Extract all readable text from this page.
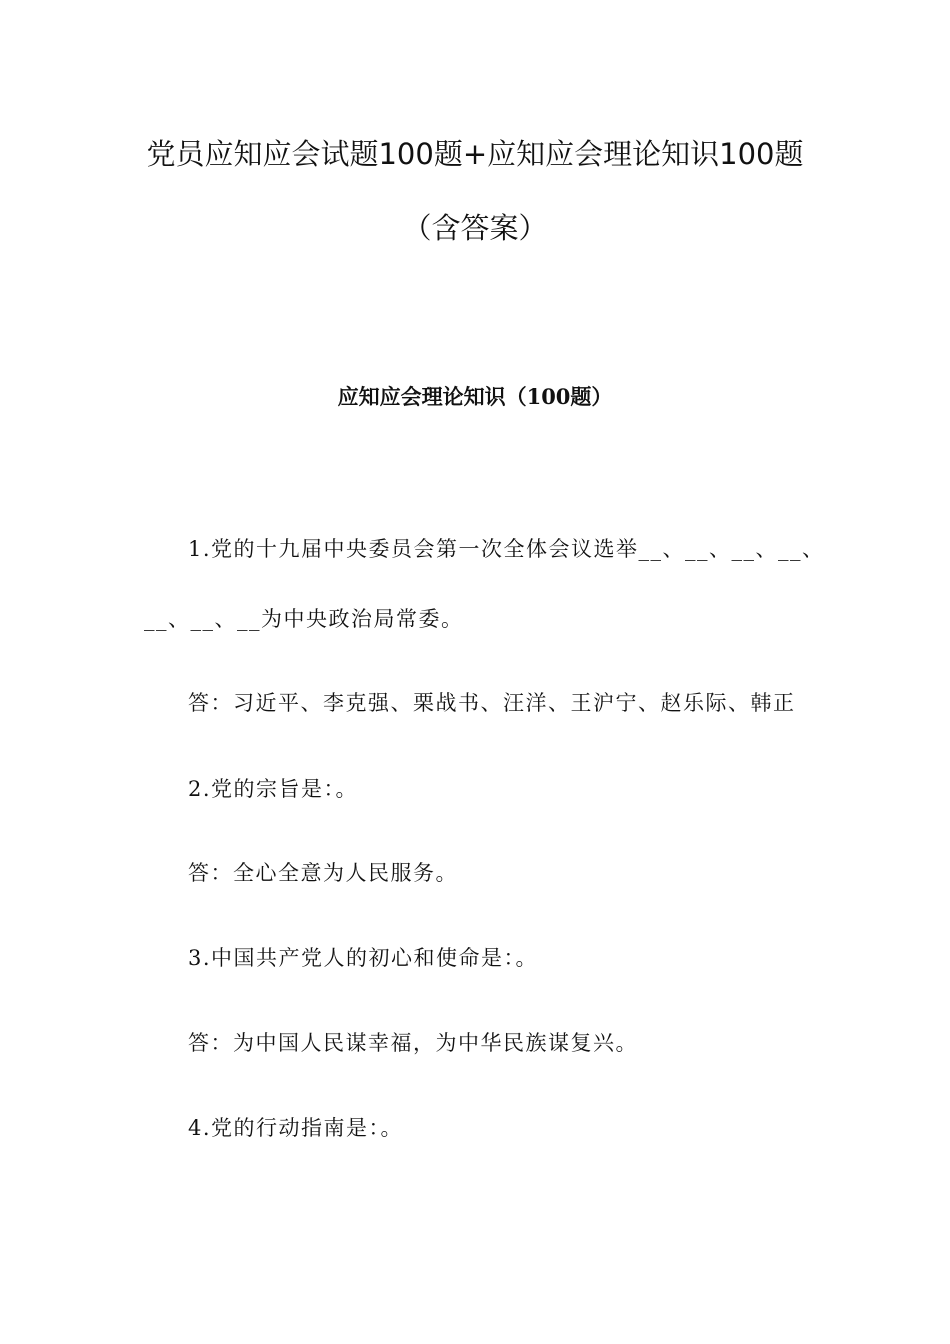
党员应知应会试题100题+应知应会理论知识100题
（含答案）
应知应会理论知识（100题）
1.党的十九届中央委员会第一次全体会议选举__、__、__、__、
__、__、__为中央政治局常委。
答：习近平、李克强、栗战书、汪洋、王沪宁、赵乐际、韩正
2.党的宗旨是：。
答：全心全意为人民服务。
3.中国共产党人的初心和使命是：。
答：为中国人民谋幸福，为中华民族谋复兴。
4.党的行动指南是：。
